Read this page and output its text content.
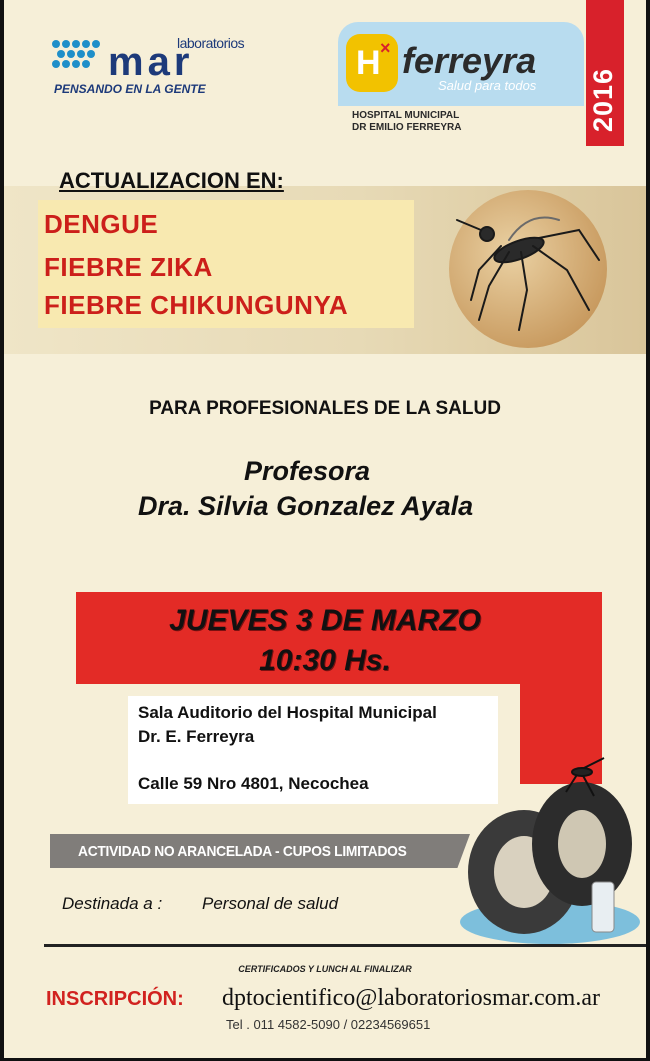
laboratorios
mar
PENSANDO EN LA GENTE
H × ferreyra
Salud para todos
HOSPITAL MUNICIPAL
DR EMILIO FERREYRA	2016
ACTUALIZACION EN:
DENGUE
FIEBRE ZIKA
FIEBRE CHIKUNGUNYA
PARA PROFESIONALES DE LA SALUD
Profesora
Dra. Silvia Gonzalez Ayala
JUEVES 3 DE MARZO
10:30 Hs.
Sala Auditorio del Hospital Municipal
Dr. E. Ferreyra
Calle 59 Nro 4801, Necochea
ACTIVIDAD NO ARANCELADA - CUPOS LIMITADOS
Destinada a : Personal de salud
CERTIFICADOS Y LUNCH AL FINALIZAR
INSCRIPCIÓN: dptocientifico@laboratoriosmar.com.ar
Tel . 011 4582-5090 / 02234569651
